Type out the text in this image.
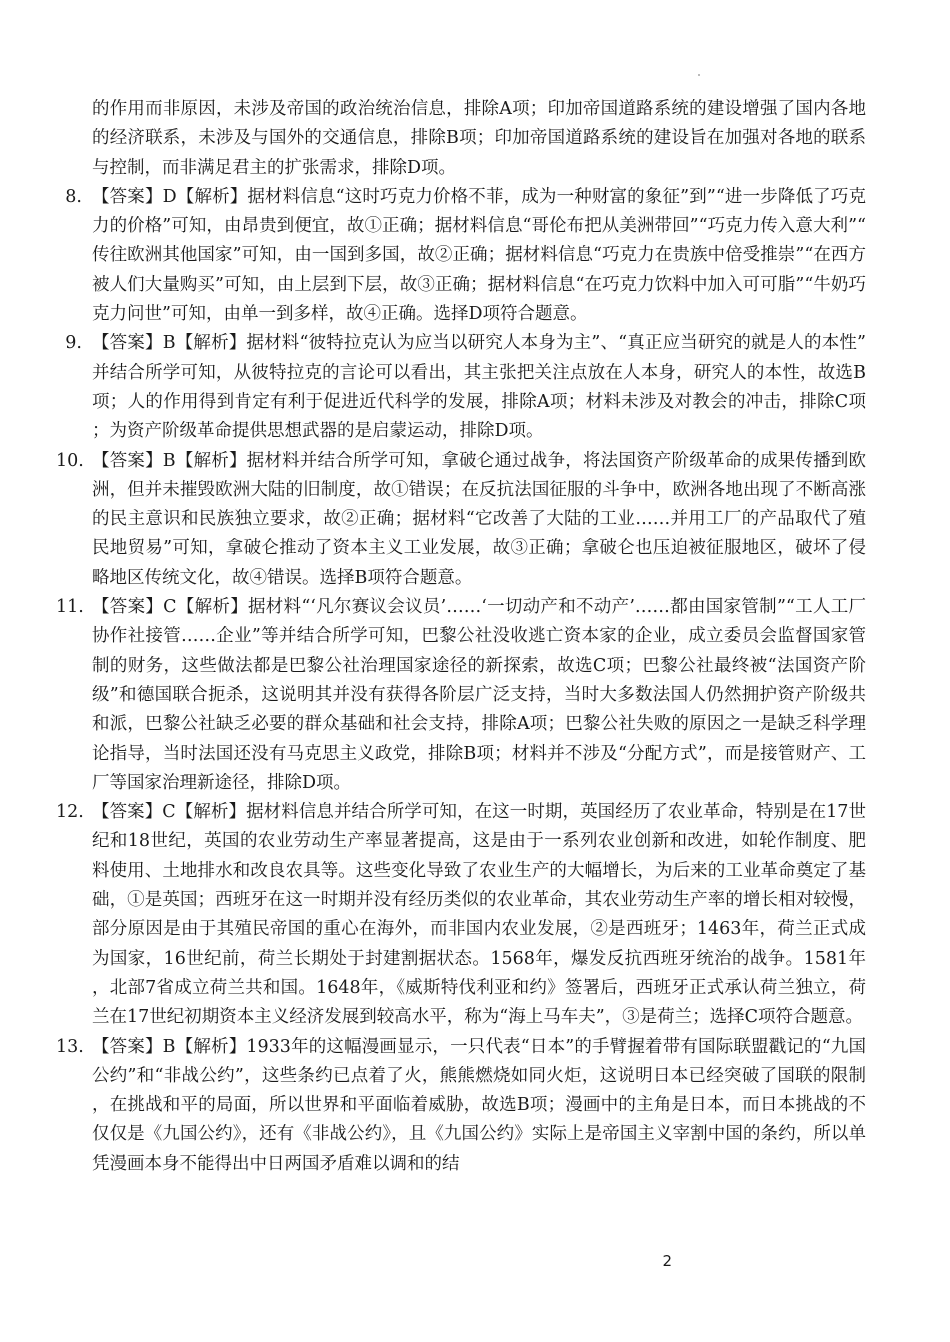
的作用而非原因，未涉及帝国的政治统治信息，排除A项；印加帝国道路系统的建设增强了国内各地的经济联系，未涉及与国外的交通信息，排除B项；印加帝国道路系统的建设旨在加强对各地的联系与控制，而非满足君主的扩张需求，排除D项。

8. 【答案】D【解析】据材料信息“这时巧克力价格不菲，成为一种财富的象征”到”“进一步降低了巧克力的价格”可知，由昂贵到便宜，故①正确；据材料信息“哥伦布把从美洲带回”“巧克力传入意大利”“传往欧洲其他国家”可知，由一国到多国，故②正确；据材料信息“巧克力在贵族中倍受推崇”“在西方被人们大量购买”可知，由上层到下层，故③正确；据材料信息“在巧克力饮料中加入可可脂”“牛奶巧克力问世”可知，由单一到多样，故④正确。选择D项符合题意。
9. 【答案】B【解析】据材料“彼特拉克认为应当以研究人本身为主”、“真正应当研究的就是人的本性”并结合所学可知，从彼特拉克的言论可以看出，其主张把关注点放在人本身，研究人的本性，故选B项；人的作用得到肯定有利于促进近代科学的发展，排除A项；材料未涉及对教会的冲击，排除C项；为资产阶级革命提供思想武器的是启蒙运动，排除D项。
10. 【答案】B【解析】据材料并结合所学可知，拿破仑通过战争，将法国资产阶级革命的成果传播到欧洲，但并未摧毁欧洲大陆的旧制度，故①错误；在反抗法国征服的斗争中，欧洲各地出现了不断高涨的民主意识和民族独立要求，故②正确；据材料“它改善了大陆的工业……并用工厂的产品取代了殖民地贸易”可知，拿破仑推动了资本主义工业发展，故③正确；拿破仑也压迫被征服地区，破坏了侵略地区传统文化，故④错误。选择B项符合题意。
11. 【答案】C【解析】据材料“‘凡尔赛议会议员’……‘一切动产和不动产’……都由国家管制”“工人工厂协作社接管……企业”等并结合所学可知，巴黎公社没收逃亡资本家的企业，成立委员会监督国家管制的财务，这些做法都是巴黎公社治理国家途径的新探索，故选C项；巴黎公社最终被“法国资产阶级”和德国联合扼杀，这说明其并没有获得各阶层广泛支持，当时大多数法国人仍然拥护资产阶级共和派，巴黎公社缺乏必要的群众基础和社会支持，排除A项；巴黎公社失败的原因之一是缺乏科学理论指导，当时法国还没有马克思主义政党，排除B项；材料并不涉及“分配方式”，而是接管财产、工厂等国家治理新途径，排除D项。
12. 【答案】C【解析】据材料信息并结合所学可知，在这一时期，英国经历了农业革命，特别是在17世纪和18世纪，英国的农业劳动生产率显著提高，这是由于一系列农业创新和改进，如轮作制度、肥料使用、土地排水和改良农具等。这些变化导致了农业生产的大幅增长，为后来的工业革命奠定了基础，①是英国；西班牙在这一时期并没有经历类似的农业革命，其农业劳动生产率的增长相对较慢，部分原因是由于其殖民帝国的重心在海外，而非国内农业发展，②是西班牙；1463年，荷兰正式成为国家，16世纪前，荷兰长期处于封建割据状态。1568年，爆发反抗西班牙统治的战争。1581年，北部7省成立荷兰共和国。1648年，《威斯特伐利亚和约》签署后，西班牙正式承认荷兰独立，荷兰在17世纪初期资本主义经济发展到较高水平，称为“海上马车夫”，③是荷兰；选择C项符合题意。
13. 【答案】B【解析】1933年的这幅漫画显示，一只代表“日本”的手臂握着带有国际联盟戳记的“九国公约”和“非战公约”，这些条约已点着了火，熊熊燃烧如同火炬，这说明日本已经突破了国联的限制，在挑战和平的局面，所以世界和平面临着威胁，故选B项；漫画中的主角是日本，而日本挑战的不仅仅是《九国公约》，还有《非战公约》，且《九国公约》实际上是帝国主义宰割中国的条约，所以单凭漫画本身不能得出中日两国矛盾难以调和的结
2
